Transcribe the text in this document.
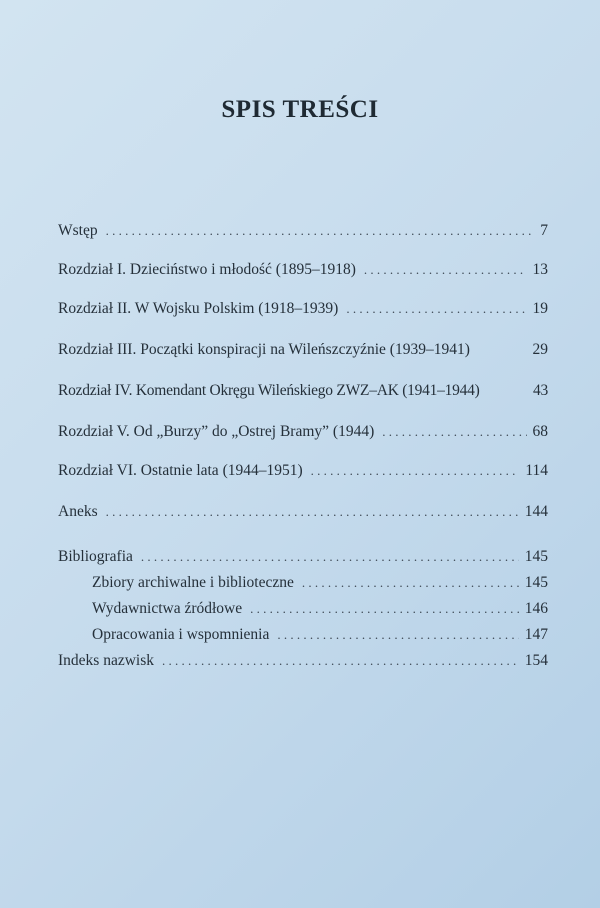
SPIS TREŚCI
Wstęp . . .	7
Rozdział I. Dzieciństwo i młodość (1895–1918) . . .	13
Rozdział II. W Wojsku Polskim (1918–1939) . . .	19
Rozdział III. Początki konspiracji na Wileńszczyźnie (1939–1941)	29
Rozdział IV. Komendant Okręgu Wileńskiego ZWZ–AK (1941–1944)	43
Rozdział V. Od „Burzy” do „Ostrej Bramy” (1944) . . .	68
Rozdział VI. Ostatnie lata (1944–1951) . . .	114
Aneks . . .	144
Bibliografia . . .	145
Zbiory archiwalne i biblioteczne . . .	145
Wydawnictwa źródłowe . . .	146
Opracowania i wspomnienia . . .	147
Indeks nazwisk . . .	154
